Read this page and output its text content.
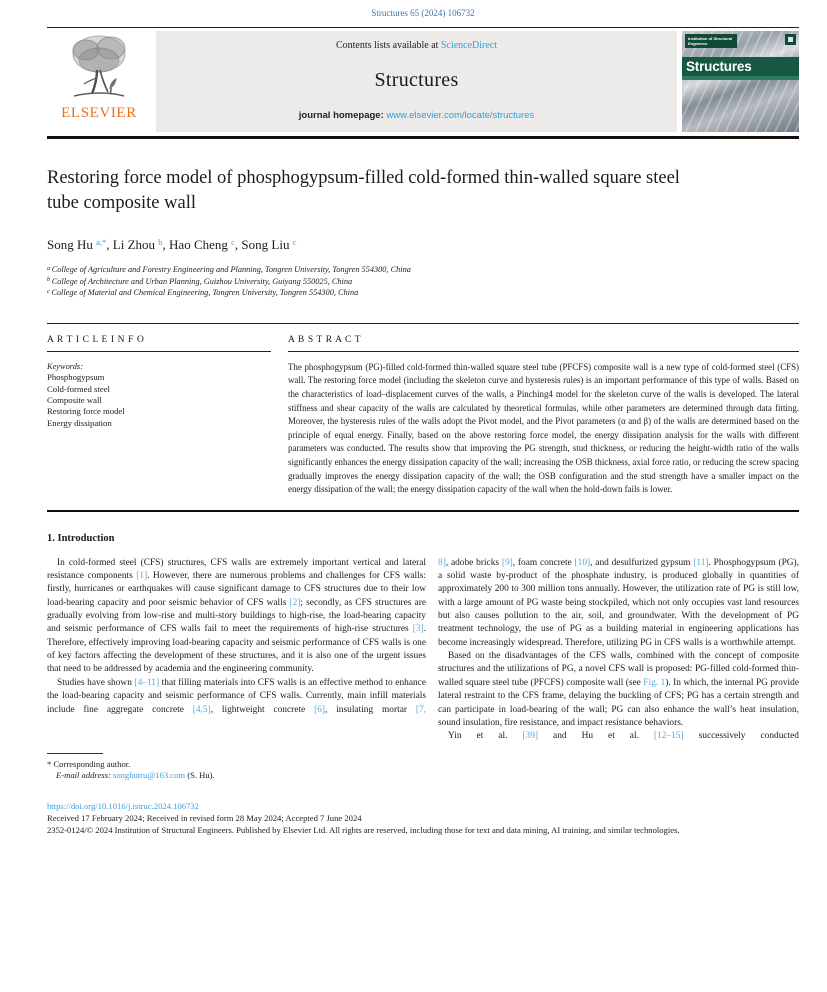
Structures 65 (2024) 106732
ELSEVIER
Contents lists available at ScienceDirect
Structures
journal homepage: www.elsevier.com/locate/structures
Institution of Structural Engineers
Structures
Restoring force model of phosphogypsum-filled cold-formed thin-walled square steel tube composite wall
Song Hu $^{a,*}$, Li Zhou $^b$, Hao Cheng $^c$, Song Liu $^c$
$^a$ College of Agriculture and Forestry Engineering and Planning, Tongren University, Tongren 554300, China
$^b$ College of Architecture and Urban Planning, Guizhou University, Guiyang 550025, China
$^c$ College of Material and Chemical Engineering, Tongren University, Tongren 554300, China
A R T I C L E I N F O
Keywords:
Phosphogypsum
Cold-formed steel
Composite wall
Restoring force model
Energy dissipation
A B S T R A C T
The phosphogypsum (PG)-filled cold-formed thin-walled square steel tube (PFCFS) composite wall is a new type of cold-formed steel (CFS) wall. The restoring force model (including the skeleton curve and hysteresis rules) is an important performance of this type of walls. Based on the characteristics of load–displacement curves of the walls, a Pinching4 model for the skeleton curve of the walls is developed. The lateral stiffness and shear capacity of the walls are calculated by theoretical formulas, while other parameters are determined through data fitting. Moreover, the hysteresis rules of the walls adopt the Pivot model, and the Pivot parameters (α and β) of the walls are determined based on the principle of equal energy. Finally, based on the above restoring force model, the energy dissipation analysis for the walls with different parameters was conducted. The results show that improving the PG strength, stud thickness, or reducing the height-width ratio of the walls significantly enhances the energy dissipation capacity of the wall; increasing the OSB thickness, axial force ratio, or reducing the screw spacing gradually improves the energy dissipation capacity of the wall; the OSB configuration and the stud strength have a smaller impact on the energy dissipation of the wall; the energy dissipation capacity of the wall when the hold-down fails is lower.
1. Introduction

In cold-formed steel (CFS) structures, CFS walls are extremely important vertical and lateral resistance components [1]. However, there are numerous problems and challenges for CFS walls: firstly, hurricanes or earthquakes will cause significant damage to CFS structures due to their low load-bearing capacity and poor seismic behavior of CFS walls [2]; secondly, as CFS structures are gradually evolving from low-rise and multi-story buildings to high-rise, the load-bearing capacity and seismic performance of CFS walls fail to meet the requirements of high-rise structures [3]. Therefore, effectively improving load-bearing capacity and seismic performance of CFS walls is one of key factors affecting the development of these structures, and it is also one of the urgent issues that need to be addressed by academia and the engineering community.

Studies have shown [4–11] that filling materials into CFS walls is an effective method to enhance the load-bearing capacity and seismic performance of CFS walls. Currently, main infill materials include fine aggregate concrete [4,5], lightweight concrete [6], insulating mortar [7,

8], adobe bricks [9], foam concrete [10], and desulfurized gypsum [11]. Phosphogypsum (PG), a solid waste by-product of the phosphate industry, is produced globally in quantities of approximately 200 to 300 million tons annually. However, the utilization rate of PG is still low, with a large amount of PG waste being stockpiled, which not only occupies vast land resources but also causes pollution to the air, soil, and groundwater. With the development of PG treatment technology, the use of PG as a building material in engineering applications has become increasingly widespread. Therefore, utilizing PG in CFS walls is a worthwhile attempt.

Based on the disadvantages of the CFS walls, combined with the concept of composite structures and the utilizations of PG, a novel CFS wall is proposed: PG-filled cold-formed thin-walled square steel tube (PFCFS) composite wall (see Fig. 1). In which, the internal PG provide lateral restraint to the CFS frame, delaying the buckling of CFS; PG has a certain strength and can participate in load-bearing of the wall; PG can also enhance the wall’s heat insulation, sound insulation, fire resistance, and impact resistance behaviors.

Yin et al. [39] and Hu et al. [12–15] successively conducted

* Corresponding author.
E-mail address: songhutru@163.com (S. Hu).
https://doi.org/10.1016/j.istruc.2024.106732
Received 17 February 2024; Received in revised form 28 May 2024; Accepted 7 June 2024
2352-0124/© 2024 Institution of Structural Engineers. Published by Elsevier Ltd. All rights are reserved, including those for text and data mining, AI training, and similar technologies.
